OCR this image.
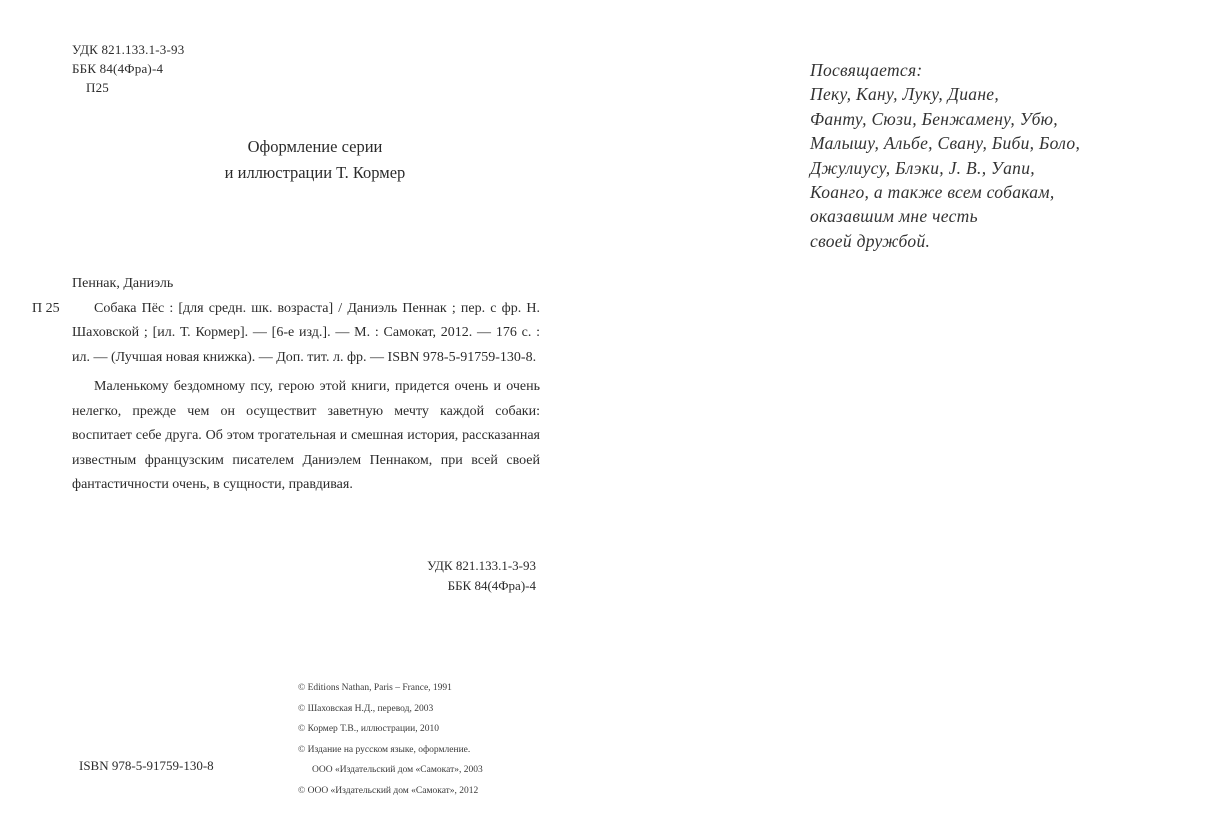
УДК 821.133.1-3-93
ББК 84(4Фра)-4
П25
Оформление серии
и иллюстрации Т. Кормер
П 25
Пеннак, Даниэль

Собака Пёс : [для средн. шк. возраста] / Даниэль Пеннак ; пер. с фр. Н. Шаховской ; [ил. Т. Кормер]. — [6-е изд.]. — М. : Самокат, 2012. — 176 с. : ил. — (Лучшая новая книжка). — Доп. тит. л. фр. — ISBN 978-5-91759-130-8.

Маленькому бездомному псу, герою этой книги, придется очень и очень нелегко, прежде чем он осуществит заветную мечту каждой собаки: воспитает себе друга. Об этом трогательная и смешная история, рассказанная известным французским писателем Даниэлем Пеннаком, при всей своей фантастичности очень, в сущности, правдивая.

УДК 821.133.1-3-93
ББК 84(4Фра)-4
ISBN 978-5-91759-130-8
© Editions Nathan, Paris – France, 1991
© Шаховская Н.Д., перевод, 2003
© Кормер Т.В., иллюстрации, 2010
© Издание на русском языке, оформление.
ООО «Издательский дом «Самокат», 2003
© ООО «Издательский дом «Самокат», 2012
Посвящается:
Пеку, Кану, Луку, Диане,
Фанту, Сюзи, Бенжамену, Убю,
Малышу, Альбе, Свану, Биби, Боло,
Джулиусу, Блэки, J. B., Уапи,
Коанго, а также всем собакам,
оказавшим мне честь
своей дружбой.
